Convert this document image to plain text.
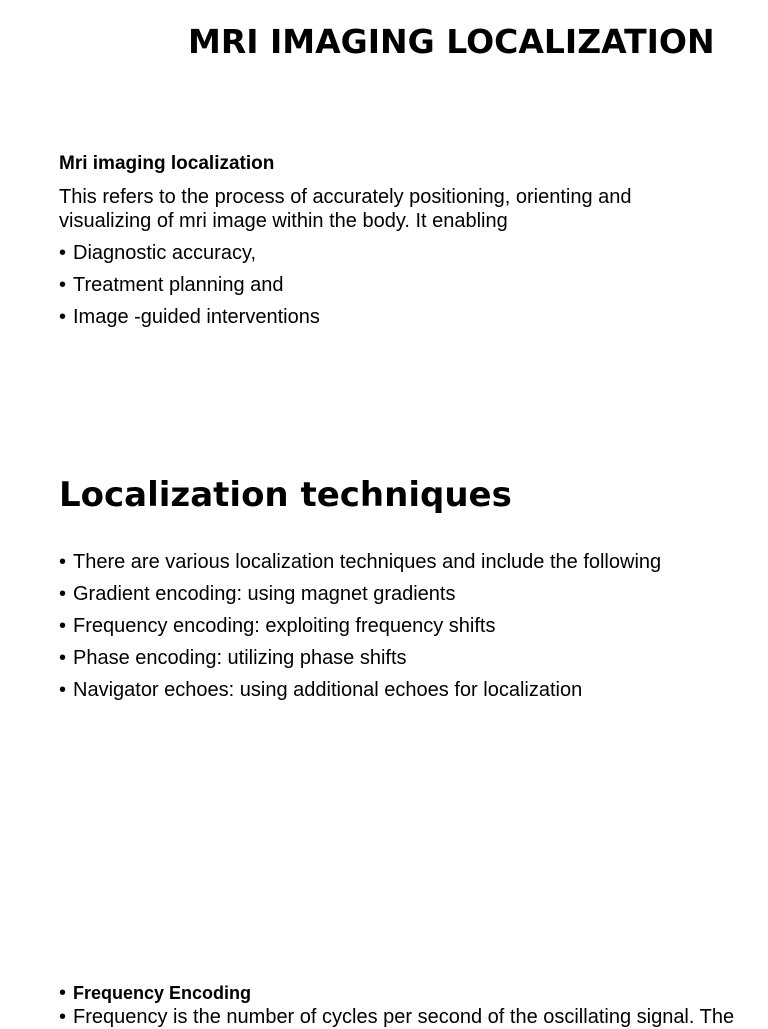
MRI IMAGING LOCALIZATION

Mri imaging localization

This refers to the process of accurately positioning, orienting and visualizing of mri image within the body. It enabling

• Diagnostic accuracy,
• Treatment planning and
• Image -guided interventions
Localization techniques
• There are various localization techniques and include the following
• Gradient encoding: using magnet gradients
• Frequency encoding: exploiting frequency shifts
• Phase encoding: utilizing phase shifts
• Navigator echoes: using additional echoes for localization
• Frequency Encoding
• Frequency is the number of cycles per second of the oscillating signal. The
